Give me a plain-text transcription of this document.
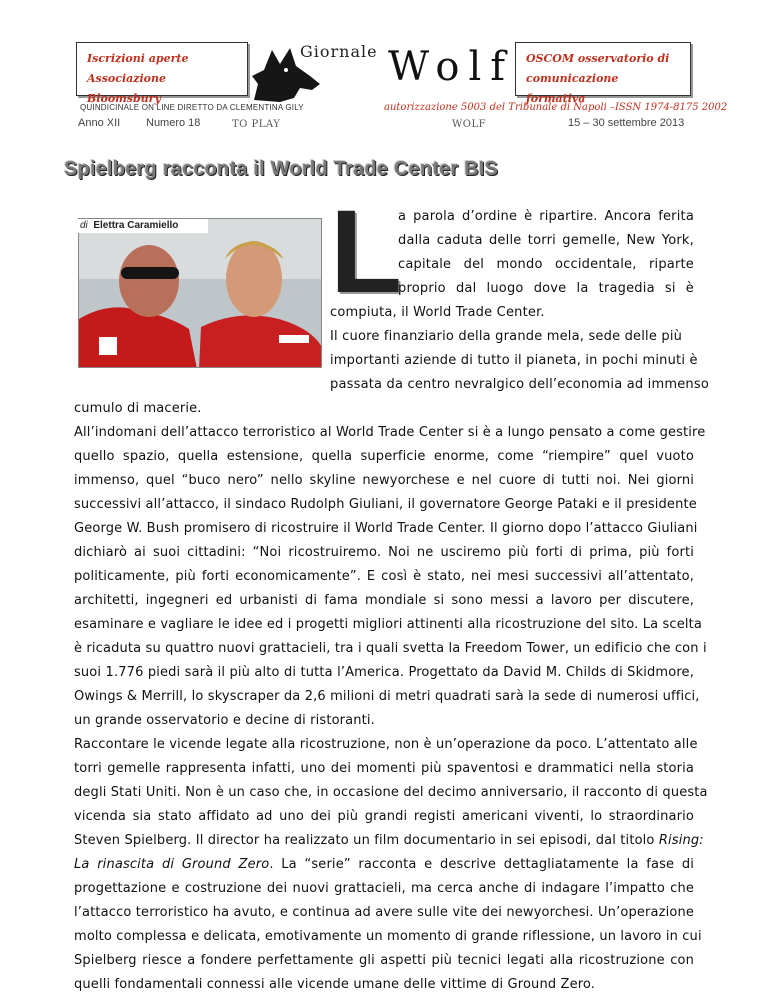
Iscrizioni aperte
Associazione Bloomsbury
Giornale Wolf OSCOM osservatorio di
comunicazione formativa
QUINDICINALE ON LINE DIRETTO DA CLEMENTINA GILY	autorizzazione 5003 del Tribunale di Napoli –ISSN 1974-8175 2002
Anno XII Numero 18	TO PLAY	WOLF	15 – 30 settembre 2013
Spielberg racconta il World Trade Center BIS
di Elettra Caramiello L
a parola d’ordine è ripartire. Ancora ferita
dalla caduta delle torri gemelle, New York,
capitale del mondo occidentale, riparte
proprio dal luogo dove la tragedia si è
compiuta, il World Trade Center.
Il cuore finanziario della grande mela, sede delle più
importanti aziende di tutto il pianeta, in pochi minuti è
passata da centro nevralgico dell’economia ad immenso
cumulo di macerie.
All’indomani dell’attacco terroristico al World Trade Center si è a lungo pensato a come gestire
quello spazio, quella estensione, quella superficie enorme, come “riempire” quel vuoto
immenso, quel “buco nero” nello skyline newyorchese e nel cuore di tutti noi. Nei giorni
successivi all’attacco, il sindaco Rudolph Giuliani, il governatore George Pataki e il presidente
George W. Bush promisero di ricostruire il World Trade Center. Il giorno dopo l’attacco Giuliani
dichiarò ai suoi cittadini: “Noi ricostruiremo. Noi ne usciremo più forti di prima, più forti
politicamente, più forti economicamente”. E così è stato, nei mesi successivi all’attentato,
architetti, ingegneri ed urbanisti di fama mondiale si sono messi a lavoro per discutere,
esaminare e vagliare le idee ed i progetti migliori attinenti alla ricostruzione del sito. La scelta
è ricaduta su quattro nuovi grattacieli, tra i quali svetta la Freedom Tower, un edificio che con i
suoi 1.776 piedi sarà il più alto di tutta l’America. Progettato da David M. Childs di Skidmore,
Owings & Merrill, lo skyscraper da 2,6 milioni di metri quadrati sarà la sede di numerosi uffici,
un grande osservatorio e decine di ristoranti.
Raccontare le vicende legate alla ricostruzione, non è un’operazione da poco. L’attentato alle
torri gemelle rappresenta infatti, uno dei momenti più spaventosi e drammatici nella storia
degli Stati Uniti. Non è un caso che, in occasione del decimo anniversario, il racconto di questa
vicenda sia stato affidato ad uno dei più grandi registi americani viventi, lo straordinario
Steven Spielberg. Il director ha realizzato un film documentario in sei episodi, dal titolo Rising:
La rinascita di Ground Zero. La “serie” racconta e descrive dettagliatamente la fase di
progettazione e costruzione dei nuovi grattacieli, ma cerca anche di indagare l’impatto che
l’attacco terroristico ha avuto, e continua ad avere sulle vite dei newyorchesi. Un’operazione
molto complessa e delicata, emotivamente un momento di grande riflessione, un lavoro in cui
Spielberg riesce a fondere perfettamente gli aspetti più tecnici legati alla ricostruzione con
quelli fondamentali connessi alle vicende umane delle vittime di Ground Zero.
